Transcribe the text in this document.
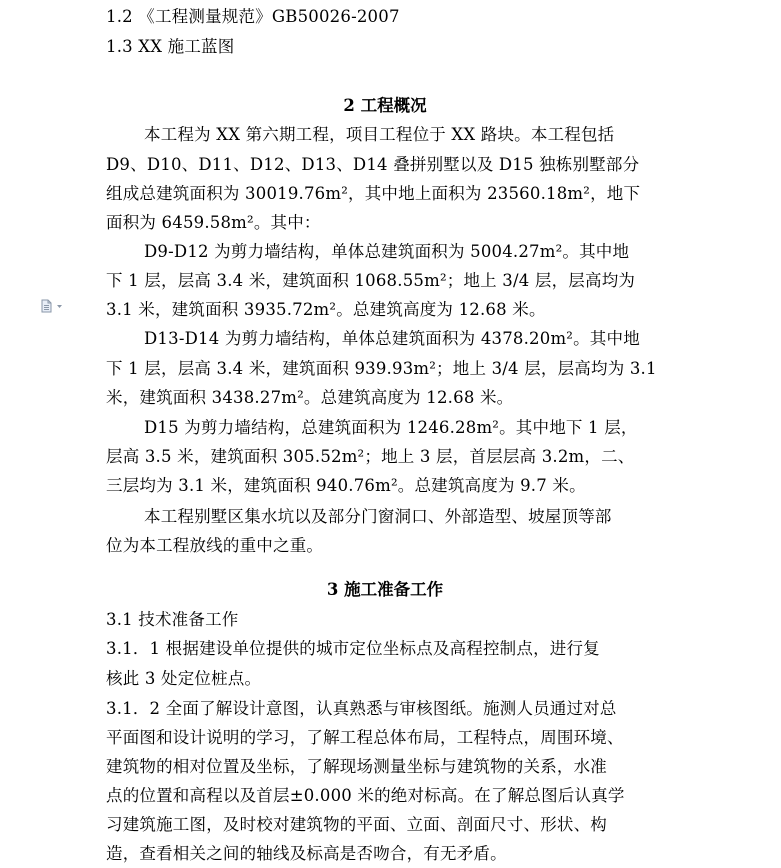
1.2 《工程测量规范》GB50026-2007
1.3 XX 施工蓝图
2 工程概况
本工程为 XX 第六期工程，项目工程位于 XX 路块。本工程包括
D9、D10、D11、D12、D13、D14 叠拼别墅以及 D15 独栋别墅部分
组成总建筑面积为 30019.76m²，其中地上面积为 23560.18m²，地下
面积为 6459.58m²。其中：
D9-D12 为剪力墙结构，单体总建筑面积为 5004.27m²。其中地
下 1 层，层高 3.4 米，建筑面积 1068.55m²；地上 3/4 层，层高均为
3.1 米，建筑面积 3935.72m²。总建筑高度为 12.68 米。
D13-D14 为剪力墙结构，单体总建筑面积为 4378.20m²。其中地
下 1 层，层高 3.4 米，建筑面积 939.93m²；地上 3/4 层，层高均为 3.1
米，建筑面积 3438.27m²。总建筑高度为 12.68 米。
D15 为剪力墙结构，总建筑面积为 1246.28m²。其中地下 1 层，
层高 3.5 米，建筑面积 305.52m²；地上 3 层，首层层高 3.2m，二、
三层均为 3.1 米，建筑面积 940.76m²。总建筑高度为 9.7 米。
本工程别墅区集水坑以及部分门窗洞口、外部造型、坡屋顶等部
位为本工程放线的重中之重。
3 施工准备工作
3.1 技术准备工作
3.1．1 根据建设单位提供的城市定位坐标点及高程控制点，进行复
核此 3 处定位桩点。
3.1．2 全面了解设计意图，认真熟悉与审核图纸。施测人员通过对总
平面图和设计说明的学习，了解工程总体布局，工程特点，周围环境、
建筑物的相对位置及坐标，了解现场测量坐标与建筑物的关系，水准
点的位置和高程以及首层±0.000 米的绝对标高。在了解总图后认真学
习建筑施工图，及时校对建筑物的平面、立面、剖面尺寸、形状、构
造，查看相关之间的轴线及标高是否吻合，有无矛盾。
